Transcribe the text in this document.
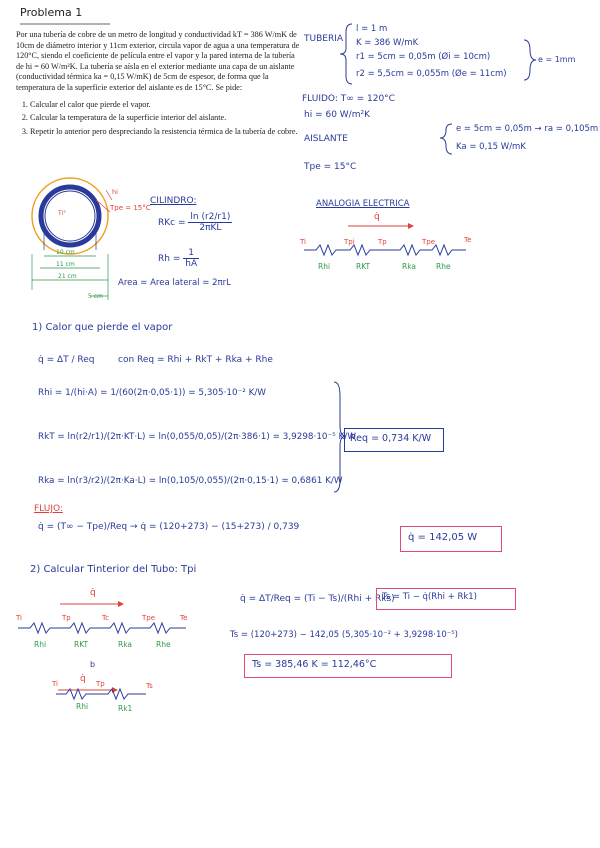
Problema 1

Por una tubería de cobre de un metro de longitud y conductividad kT = 386 W/mK de 10cm de diámetro interior y 11cm exterior, circula vapor de agua a una temperatura de 120°C, siendo el coeficiente de película entre el vapor y la pared interna de la tubería de hi = 60 W/m²K. La tubería se aísla en el exterior mediante una capa de un aislante (conductividad térmica ka = 0,15 W/mK) de 5cm de espesor, de forma que la temperatura de la superficie exterior del aislante es de 15°C. Se pide:

1. Calcular el calor que pierde el vapor.
2. Calcular la temperatura de la superficie interior del aislante.
3. Repetir lo anterior pero despreciando la resistencia térmica de la tubería de cobre.
TUBERIA
l = 1 m
K = 386 W/mK
r1 = 5cm = 0,05m (Øi = 10cm)
r2 = 5,5cm = 0,055m (Øe = 11cm)
e = 1mm
FLUIDO: T∞ = 120°C
hi = 60 W/m²K
AISLANTE
e = 5cm = 0,05m → ra = 0,105m
Ka = 0,15 W/mK
Tpe = 15°C
Ti°
Tpe = 15°C
hi
10 cm
11 cm
21 cm
5 cm
CILINDRO:
RKc = $\frac{\ln (r2/r1)}{\text{2πKL}}$
$Rh = \frac{1}{hA}$
Area = Area lateral = 2πrL
ANALOGIA ELECTRICA
q̇
Ti	Tpi	Tp	Tpe	Te
Rhi	RKT	Rka	Rhe
1) Calor que pierde el vapor
q̇ = ΔT / Req	con Req = Rhi + RkT + Rka + Rhe
Rhi = 1/(hi·A) = 1/(60(2π·0,05·1)) = 5,305·10⁻² K/W
RkT = ln(r2/r1)/(2π·KT·L) = ln(0,055/0,05)/(2π·386·1) = 3,9298·10⁻⁵ K/W
Rka = ln(r3/r2)/(2π·Ka·L) = ln(0,105/0,055)/(2π·0,15·1) = 0,6861 K/W
Req = 0,734 K/W
FLUJO:
q̇ = (T∞ − Tpe)/Req → q̇ = (120+273) − (15+273) / 0,739
q̇ = 142,05 W
2) Calcular Tinterior del Tubo: Tpi
q̇
Ti	Tp	Tc	Tpe	Te
Rhi	RKT	Rka	Rhe
b
q̇
Ti	Tp	Ts
Rhi	Rk1
q̇ = ΔT/Req = (Ti − Ts)/(Rhi + Rks)
Ts = Ti − q̇(Rhi + Rk1)
Ts = (120+273) − 142,05 (5,305·10⁻² + 3,9298·10⁻⁵)
Ts = 385,46 K = 112,46°C
